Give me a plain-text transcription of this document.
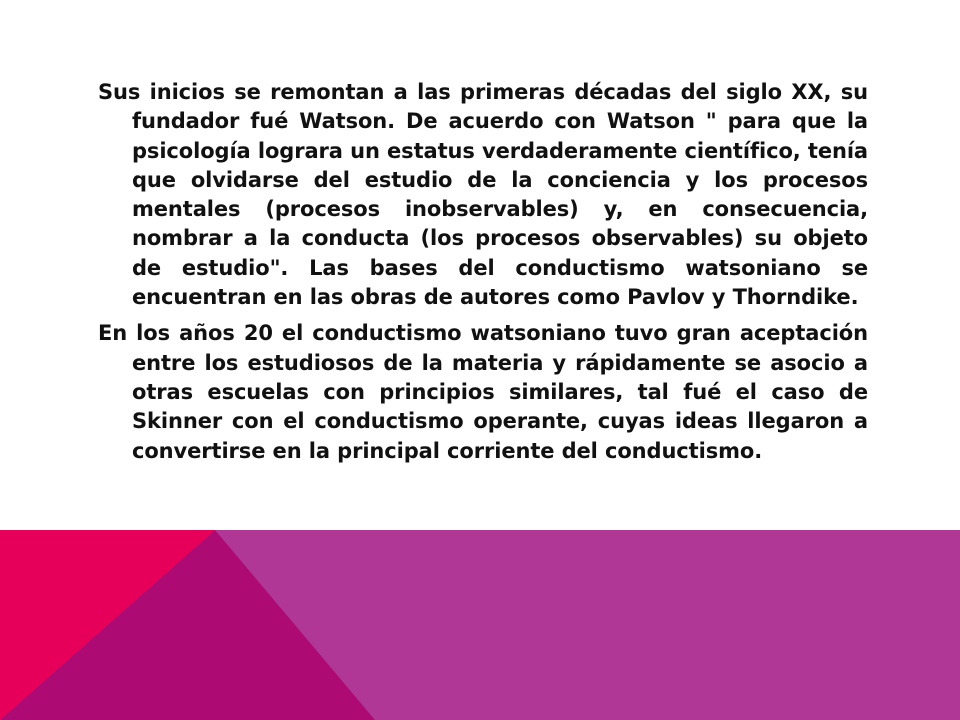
Sus inicios se remontan a las primeras décadas del siglo XX, su fundador fué Watson. De acuerdo con Watson " para que la psicología lograra un estatus verdaderamente científico, tenía que olvidarse del estudio de la conciencia y los procesos mentales (procesos inobservables) y, en consecuencia, nombrar a la conducta (los procesos observables) su objeto de estudio". Las bases del conductismo watsoniano se encuentran en las obras de autores como Pavlov y Thorndike.

En los años 20 el conductismo watsoniano tuvo gran aceptación entre los estudiosos de la materia y rápidamente se asocio a otras escuelas con principios similares, tal fué el caso de Skinner con el conductismo operante, cuyas ideas llegaron a convertirse en la principal corriente del conductismo.
